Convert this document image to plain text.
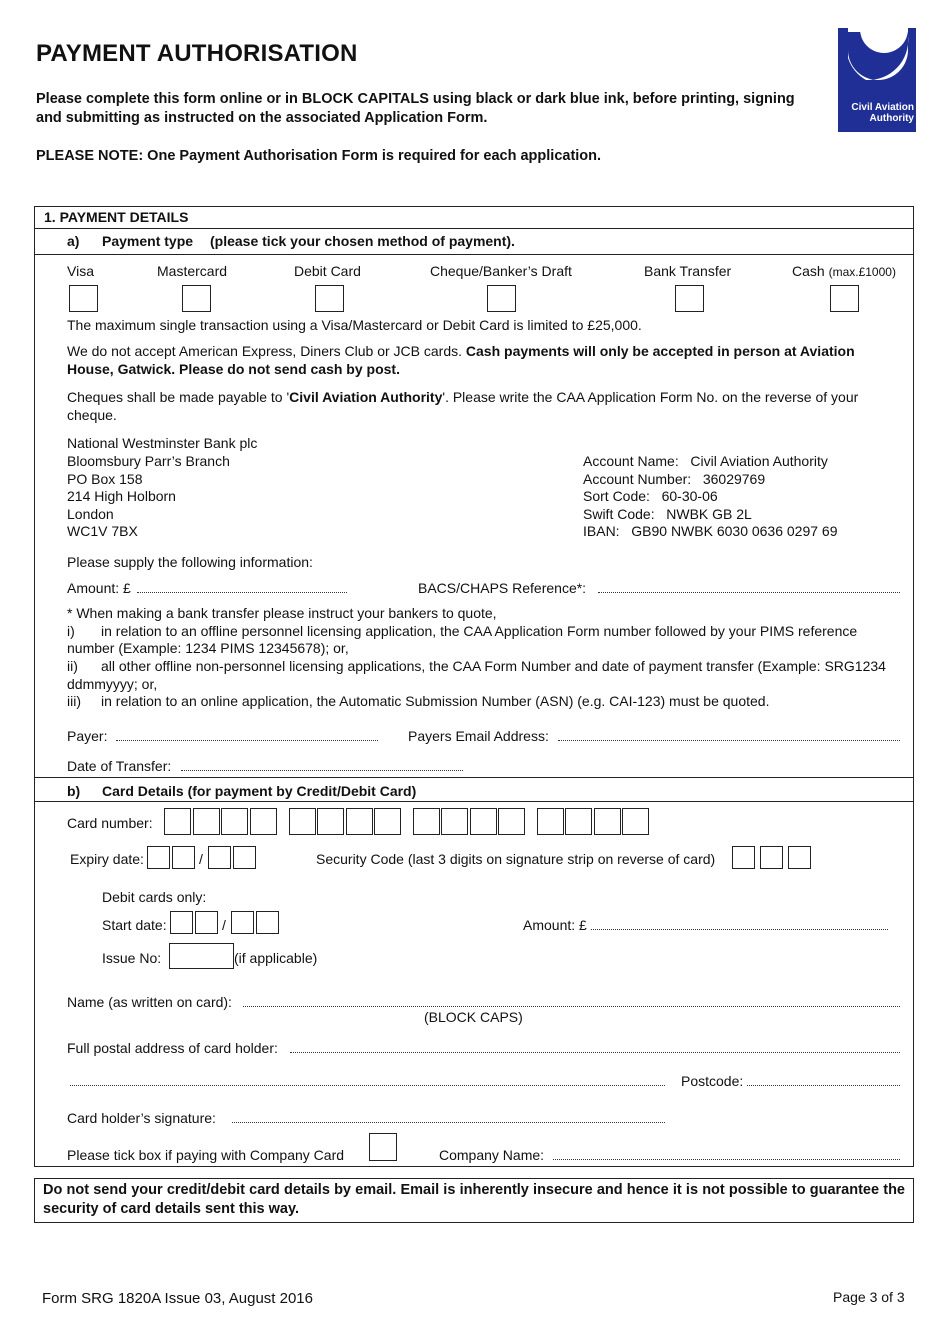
PAYMENT AUTHORISATION
Please complete this form online or in BLOCK CAPITALS using black or dark blue ink, before printing, signing and submitting as instructed on the associated Application Form.
PLEASE NOTE: One Payment Authorisation Form is required for each application.
Civil Aviation
Authority
1. PAYMENT DETAILS
a) Payment type (please tick your chosen method of payment).
Visa	Mastercard	Debit Card	Cheque/Banker’s Draft	Bank Transfer	Cash (max.£1000)
The maximum single transaction using a Visa/Mastercard or Debit Card is limited to £25,000.
We do not accept American Express, Diners Club or JCB cards. Cash payments will only be accepted in person at Aviation House, Gatwick. Please do not send cash by post.
Cheques shall be made payable to 'Civil Aviation Authority'. Please write the CAA Application Form No. on the reverse of your cheque.
National Westminster Bank plc
Bloomsbury Parr’s Branch
PO Box 158
214 High Holborn
London
WC1V 7BX
Account Name: Civil Aviation Authority
Account Number: 36029769
Sort Code: 60-30-06
Swift Code: NWBK GB 2L
IBAN: GB90 NWBK 6030 0636 0297 69
Please supply the following information:
Amount: £	BACS/CHAPS Reference*:
* When making a bank transfer please instruct your bankers to quote,
i) in relation to an offline personnel licensing application, the CAA Application Form number followed by your PIMS reference
number (Example: 1234 PIMS 12345678); or,
ii) all other offline non-personnel licensing applications, the CAA Form Number and date of payment transfer (Example: SRG1234
ddmmyyyy; or,
iii) in relation to an online application, the Automatic Submission Number (ASN) (e.g. CAI-123) must be quoted.
Payer:	Payers Email Address:
Date of Transfer:
b) Card Details (for payment by Credit/Debit Card)
Card number:
Expiry date:	/	Security Code (last 3 digits on signature strip on reverse of card)
Debit cards only:
Start date:	/	Amount: £
Issue No:	(if applicable)
Name (as written on card):
(BLOCK CAPS)
Full postal address of card holder:
Postcode:
Card holder’s signature:
Please tick box if paying with Company Card	Company Name:
Do not send your credit/debit card details by email. Email is inherently insecure and hence it is not possible to guarantee the security of card details sent this way.
Form SRG 1820A Issue 03, August 2016	Page 3 of 3
